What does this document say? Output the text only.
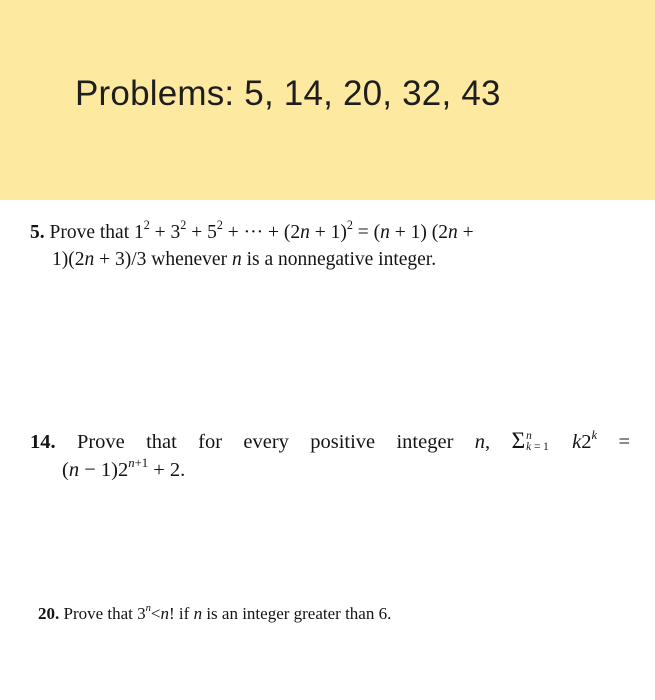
Problems: 5, 14, 20, 32, 43
5. Prove that $1^2 + 3^2 + 5^2$ + ··· + $(2n + 1)^2 = (n + 1)$ (2n +
1)(2n + 3)/3 whenever n is a nonnegative integer.
14. Prove that for every positive integer n, Σ n
k = 1 $k2^k$ =
$(n - 1)2^{n+1} + 2$.
20. Prove that $3^n<n$! if n is an integer greater than 6.
